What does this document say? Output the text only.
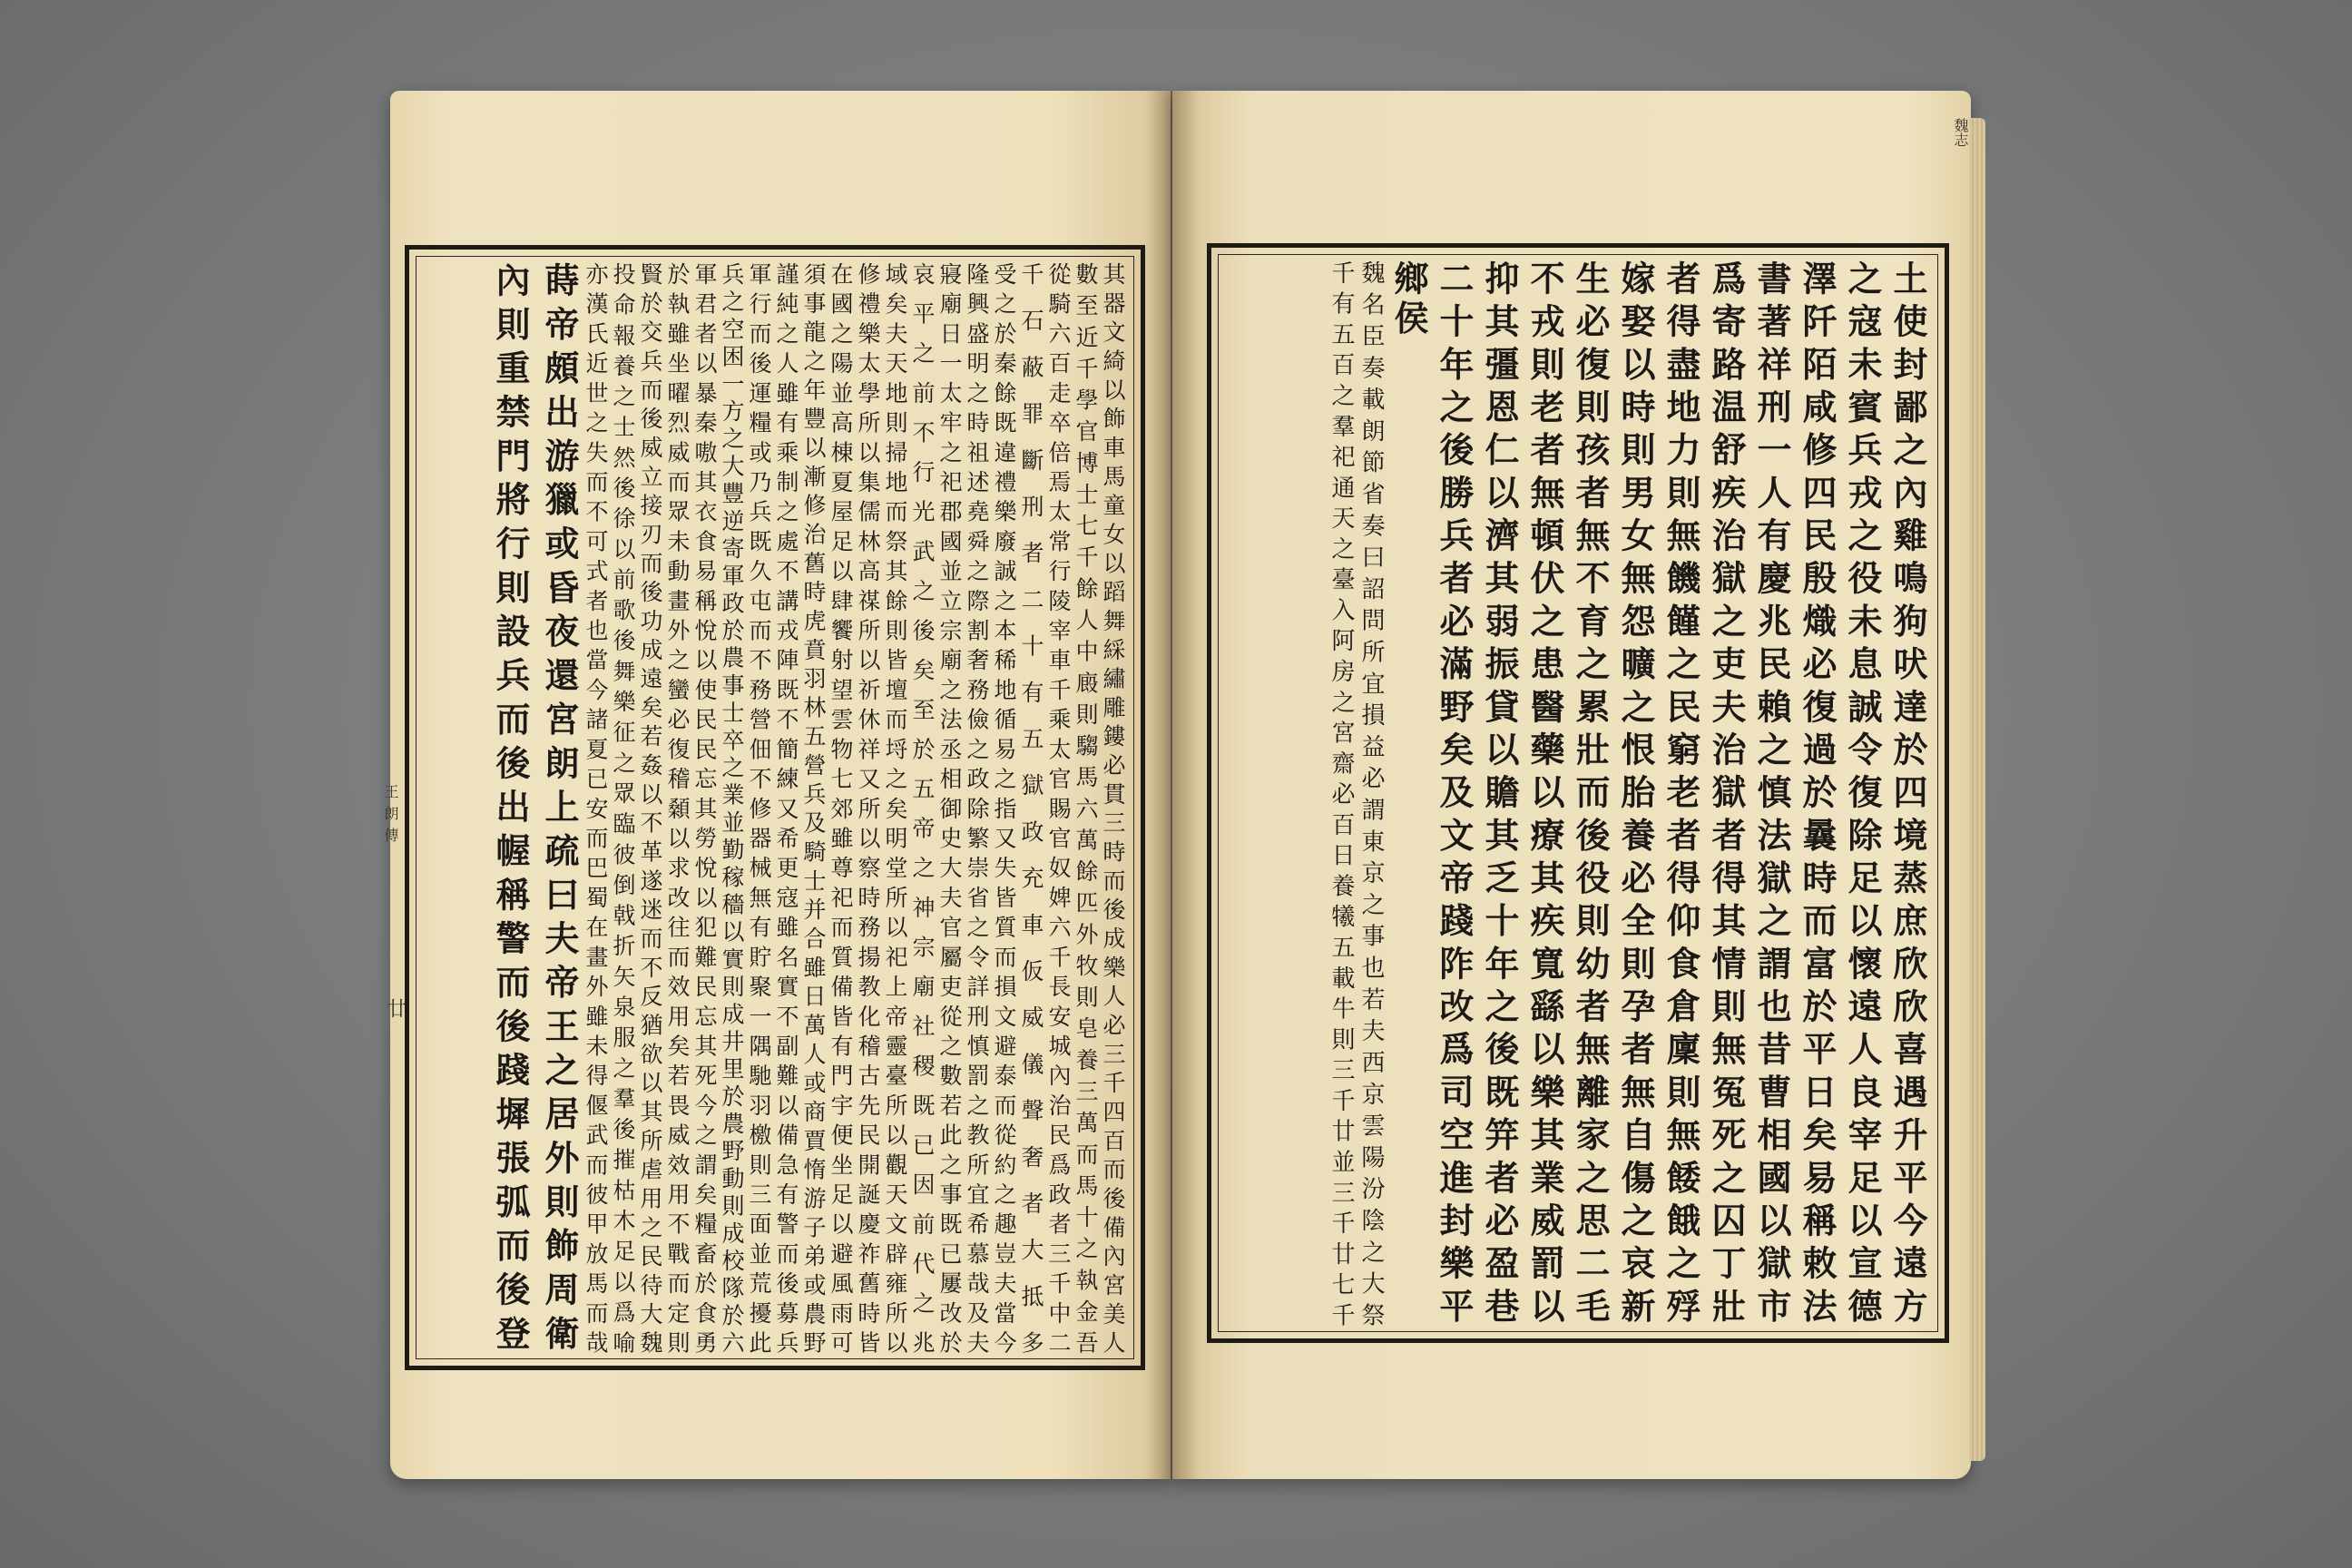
王朗傳
魏志
其器文綺以飾車馬童女以蹈舞綵繡雕鏤必貫三時而後成樂人必三千四百而後備內宮美人
數至近千學官博士七千餘人中廄則騶馬六萬餘匹外牧則皂養三萬而馬十之執金吾
從騎六百走卒倍焉太常行陵宰車千乘太官賜官奴婢六千長安城內治民爲政者三千中二
千石蔽罪斷刑者二十有五獄政充車仮威儀聲奢者大抵多
受之於秦餘既違禮樂廢誠之本稀地循易之指又失皆質而損文避泰而從約之趣豈夫當今
隆興盛明之時祖述堯舜之際割奢務儉之政除繁崇省之令詳刑慎罰之教所宜希慕哉及夫
寢廟日一太牢之祀郡國並立宗廟之法丞相御史大夫官屬吏從之數若此之事既已屢改於
哀平之前不行光武之後矣至於五帝之神宗廟社稷既已因前代之兆
域矣夫天地則掃地而祭其餘則皆壇而埒之矣明堂所以祀上帝靈臺所以觀天文辟雍所以
修禮樂太學所以集儒林高禖所以祈休祥又所以察時務揚教化稽古先民開誕慶祚舊時皆
在國之陽並高棟夏屋足以肆饗射望雲物七郊雖尊祀而質備皆有門宇便坐足以避風雨可
須事龍之年豐以漸修治舊時虎賁羽林五營兵及騎士并合雖日萬人或商賈惰游子弟或農野
謹純之人雖有乘制之處不講戎陣既不簡練又希更寇雖名實不副難以備急有警而後募兵
軍行而後運糧或乃兵既久屯而不務營佃不修器械無有貯聚一隅馳羽檄則三面並荒擾此
兵之空困一方之大豐逆寄軍政於農事士卒之業並勤稼穡以實則成井里於農野動則成校隊於六
軍君者以暴秦嗷其衣食易稱悅以使民民忘其勞悅以犯難民忘其死今之謂矣糧畜於食勇
於執雖坐曜烈威而眾未動畫外之蠻必復稽顙以求改往而效用矣若畏威效用不戰而定則
賢於交兵而後威立接刃而後功成遠矣若姦以不革遂迷而不反猶欲以其所虐用之民待大魏
投命報養之士然後徐以前歌後舞樂征之眾臨彼倒戟折矢泉服之羣後摧枯木足以爲喻
亦漢氏近世之失而不可式者也當今諸夏已安而巴蜀在畫外雖未得偃武而彼甲放馬而哉
蒔帝頗出游獵或昏夜還宮朗上疏曰夫帝王之居外則飾周衛
內則重禁門將行則設兵而後出幄稱警而後踐墀張弧而後登
廿	土使封鄙之內雞鳴狗吠達於四境蒸庶欣欣喜遇升平今遠方
之寇未賓兵戎之役未息誠令復除足以懷遠人良宰足以宣德
澤阡陌咸修四民殷熾必復過於曩時而富於平日矣易稱敕法
書著祥刑一人有慶兆民賴之慎法獄之謂也昔曹相國以獄市
爲寄路温舒疾治獄之吏夫治獄者得其情則無冤死之囚丁壯
者得盡地力則無饑饉之民窮老者得仰食倉廩則無餧餓之殍
嫁娶以時則男女無怨曠之恨胎養必全則孕者無自傷之哀新
生必復則孩者無不育之累壯而後役則幼者無離家之思二毛
不戎則老者無頓伏之患醫藥以療其疾寬繇以樂其業威罰以
抑其彊恩仁以濟其弱振貸以贍其乏十年之後既笄者必盈巷
二十年之後勝兵者必滿野矣及文帝踐阼改爲司空進封樂平
鄉侯
魏名臣奏載朗節省奏曰詔問所宜損益必謂東京之事也若夫西京雲陽汾陰之大祭
千有五百之羣祀通天之臺入阿房之宮齋必百日養犧五載牛則三千廿並三千廿七千
